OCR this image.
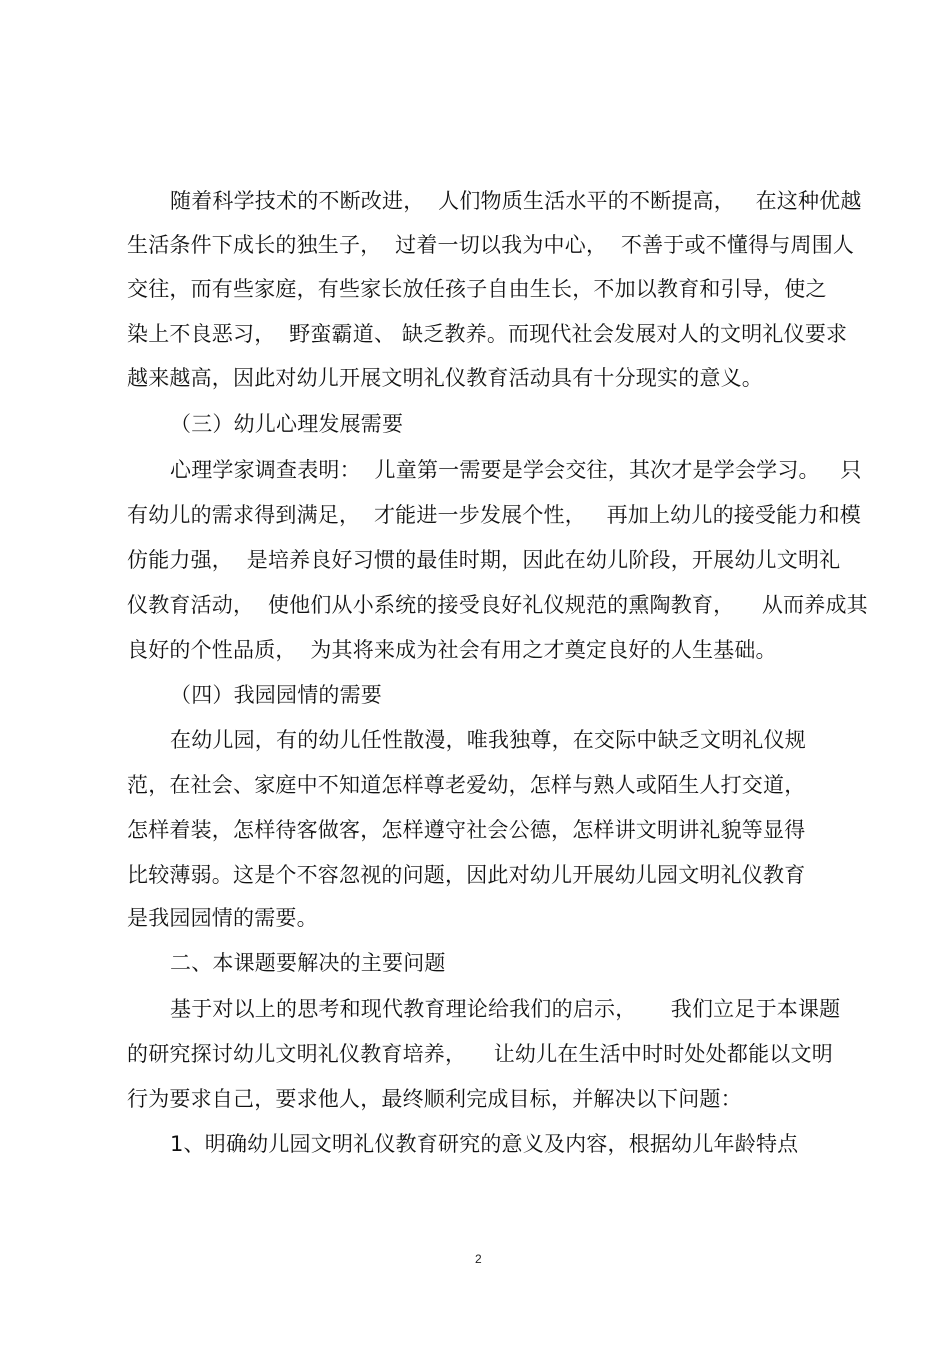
随着科学技术的不断改进，  人们物质生活水平的不断提高，   在这种优越
生活条件下成长的独生子，  过着一切以我为中心，  不善于或不懂得与周围人
交往，而有些家庭，有些家长放任孩子自由生长，不加以教育和引导，使之
染上不良恶习，  野蛮霸道、 缺乏教养。而现代社会发展对人的文明礼仪要求
越来越高，因此对幼儿开展文明礼仪教育活动具有十分现实的意义。
（三）幼儿心理发展需要
心理学家调查表明：  儿童第一需要是学会交往，其次才是学会学习。   只
有幼儿的需求得到满足，  才能进一步发展个性，   再加上幼儿的接受能力和模
仿能力强，  是培养良好习惯的最佳时期，因此在幼儿阶段，开展幼儿文明礼
仪教育活动，  使他们从小系统的接受良好礼仪规范的熏陶教育，    从而养成其
良好的个性品质，  为其将来成为社会有用之才奠定良好的人生基础。
（四）我园园情的需要
在幼儿园，有的幼儿任性散漫，唯我独尊，在交际中缺乏文明礼仪规
范，在社会、家庭中不知道怎样尊老爱幼，怎样与熟人或陌生人打交道，
怎样着装，怎样待客做客，怎样遵守社会公德，怎样讲文明讲礼貌等显得
比较薄弱。这是个不容忽视的问题，因此对幼儿开展幼儿园文明礼仪教育
是我园园情的需要。
二、本课题要解决的主要问题
基于对以上的思考和现代教育理论给我们的启示，     我们立足于本课题
的研究探讨幼儿文明礼仪教育培养，    让幼儿在生活中时时处处都能以文明
行为要求自己，要求他人，最终顺利完成目标，并解决以下问题：
1、明确幼儿园文明礼仪教育研究的意义及内容，根据幼儿年龄特点
2
